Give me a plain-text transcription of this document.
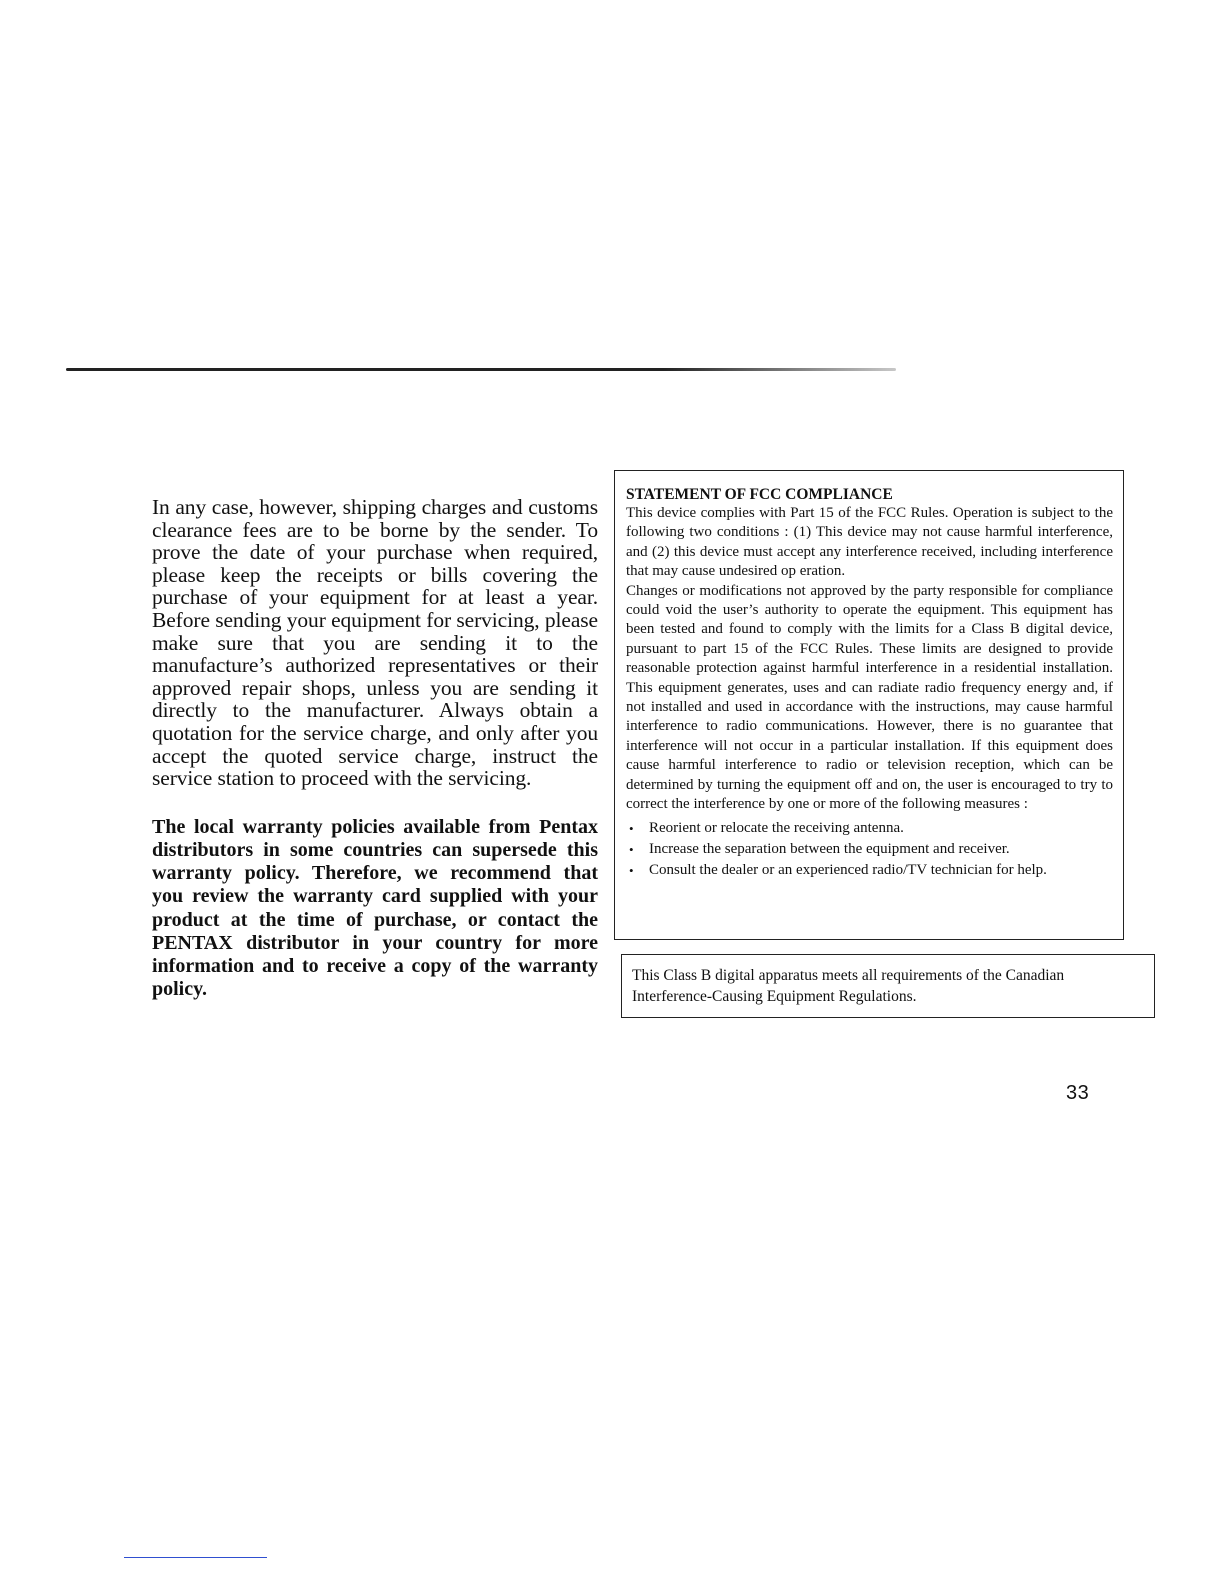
In any case, however, shipping charges and customs clearance fees are to be borne by the sender. To prove the date of your purchase when required, please keep the receipts or bills covering the purchase of your equipment for at least a year. Before sending your equipment for servicing, please make sure that you are sending it to the manufacture’s authorized representatives or their approved repair shops, unless you are sending it directly to the manufacturer. Always obtain a quotation for the service charge, and only after you accept the quoted service charge, instruct the service station to proceed with the servicing.

The local warranty policies available from Pentax distributors in some countries can supersede this warranty policy. Therefore, we recommend that you review the warranty card supplied with your product at the time of purchase, or contact the PENTAX distributor in your country for more information and to receive a copy of the warranty policy.

STATEMENT OF FCC COMPLIANCE

This device complies with Part 15 of the FCC Rules. Operation is subject to the following two conditions : (1) This device may not cause harmful interference, and (2) this device must accept any interference received, including interference that may cause undesired op eration.

Changes or modifications not approved by the party responsible for compliance could void the user’s authority to operate the equipment. This equipment has been tested and found to comply with the limits for a Class B digital device, pursuant to part 15 of the FCC Rules. These limits are designed to provide reasonable protection against harmful interference in a residential installation. This equipment generates, uses and can radiate radio frequency energy and, if not installed and used in accordance with the instructions, may cause harmful interference to radio communications. However, there is no guarantee that interference will not occur in a particular installation. If this equipment does cause harmful interference to radio or television reception, which can be determined by turning the equipment off and on, the user is encouraged to try to correct the interference by one or more of the following measures :

• Reorient or relocate the receiving antenna.
• Increase the separation between the equipment and receiver.
• Consult the dealer or an experienced radio/TV technician for help.

This Class B digital apparatus meets all requirements of the Canadian Interference-Causing Equipment Regulations.

33
